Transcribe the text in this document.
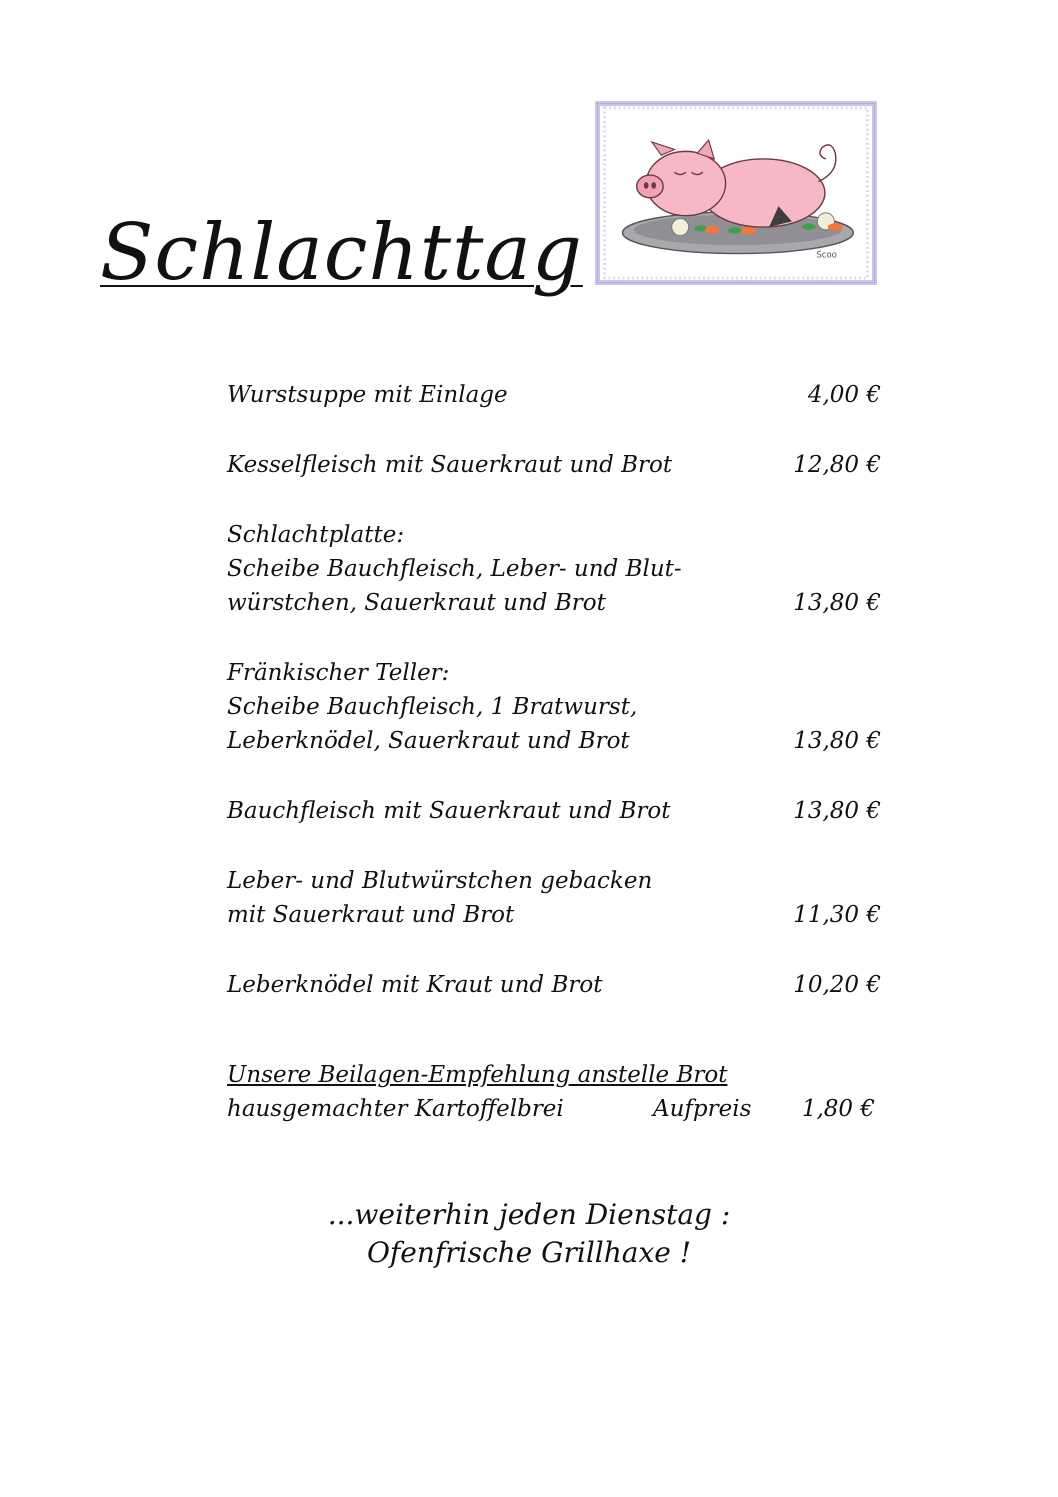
Schlachttag	Scoo
Wurstsuppe mit Einlage	4,00 €
Kesselfleisch mit Sauerkraut und Brot	12,80 €
Schlachtplatte:
Scheibe Bauchfleisch, Leber- und Blut-
würstchen, Sauerkraut und Brot	13,80 €
Fränkischer Teller:
Scheibe Bauchfleisch, 1 Bratwurst,
Leberknödel, Sauerkraut und Brot	13,80 €
Bauchfleisch mit Sauerkraut und Brot	13,80 €
Leber- und Blutwürstchen gebacken
mit Sauerkraut und Brot	11,30 €
Leberknödel mit Kraut und Brot	10,20 €
Unsere Beilagen-Empfehlung anstelle Brot
hausgemachter Kartoffelbrei	Aufpreis 1,80 €
...weiterhin jeden Dienstag :
Ofenfrische Grillhaxe !
